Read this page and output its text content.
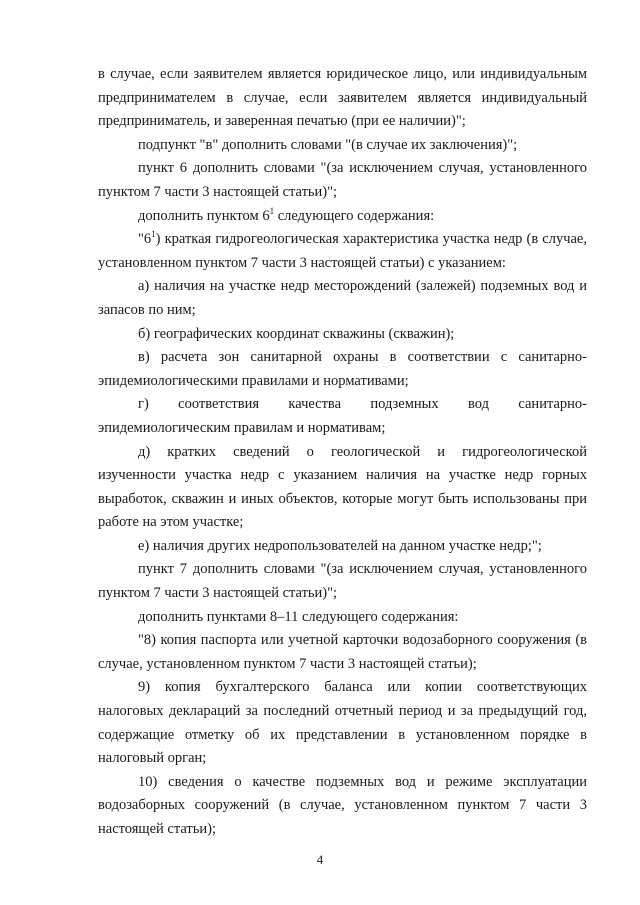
в случае, если заявителем является юридическое лицо, или индивидуальным предпринимателем в случае, если заявителем является индивидуальный предприниматель, и заверенная печатью (при ее наличии)";

подпункт "в" дополнить словами "(в случае их заключения)";

пункт 6 дополнить словами "(за исключением случая, установленного пунктом 7 части 3 настоящей статьи)";

дополнить пунктом $6^1$ следующего содержания:

"$6^1$) краткая гидрогеологическая характеристика участка недр (в случае, установленном пунктом 7 части 3 настоящей статьи) с указанием:

а) наличия на участке недр месторождений (залежей) подземных вод и запасов по ним;

б) географических координат скважины (скважин);

в) расчета зон санитарной охраны в соответствии с санитарно-эпидемиологическими правилами и нормативами;

г) соответствия качества подземных вод санитарно-эпидемиологическим правилам и нормативам;

д) кратких сведений о геологической и гидрогеологической изученности участка недр с указанием наличия на участке недр горных выработок, скважин и иных объектов, которые могут быть использованы при работе на этом участке;

е) наличия других недропользователей на данном участке недр;";

пункт 7 дополнить словами "(за исключением случая, установленного пунктом 7 части 3 настоящей статьи)";

дополнить пунктами 8–11 следующего содержания:

"8) копия паспорта или учетной карточки водозаборного сооружения (в случае, установленном пунктом 7 части 3 настоящей статьи);

9) копия бухгалтерского баланса или копии соответствующих налоговых деклараций за последний отчетный период и за предыдущий год, содержащие отметку об их представлении в установленном порядке в налоговый орган;

10) сведения о качестве подземных вод и режиме эксплуатации водозаборных сооружений (в случае, установленном пунктом 7 части 3 настоящей статьи);

4
